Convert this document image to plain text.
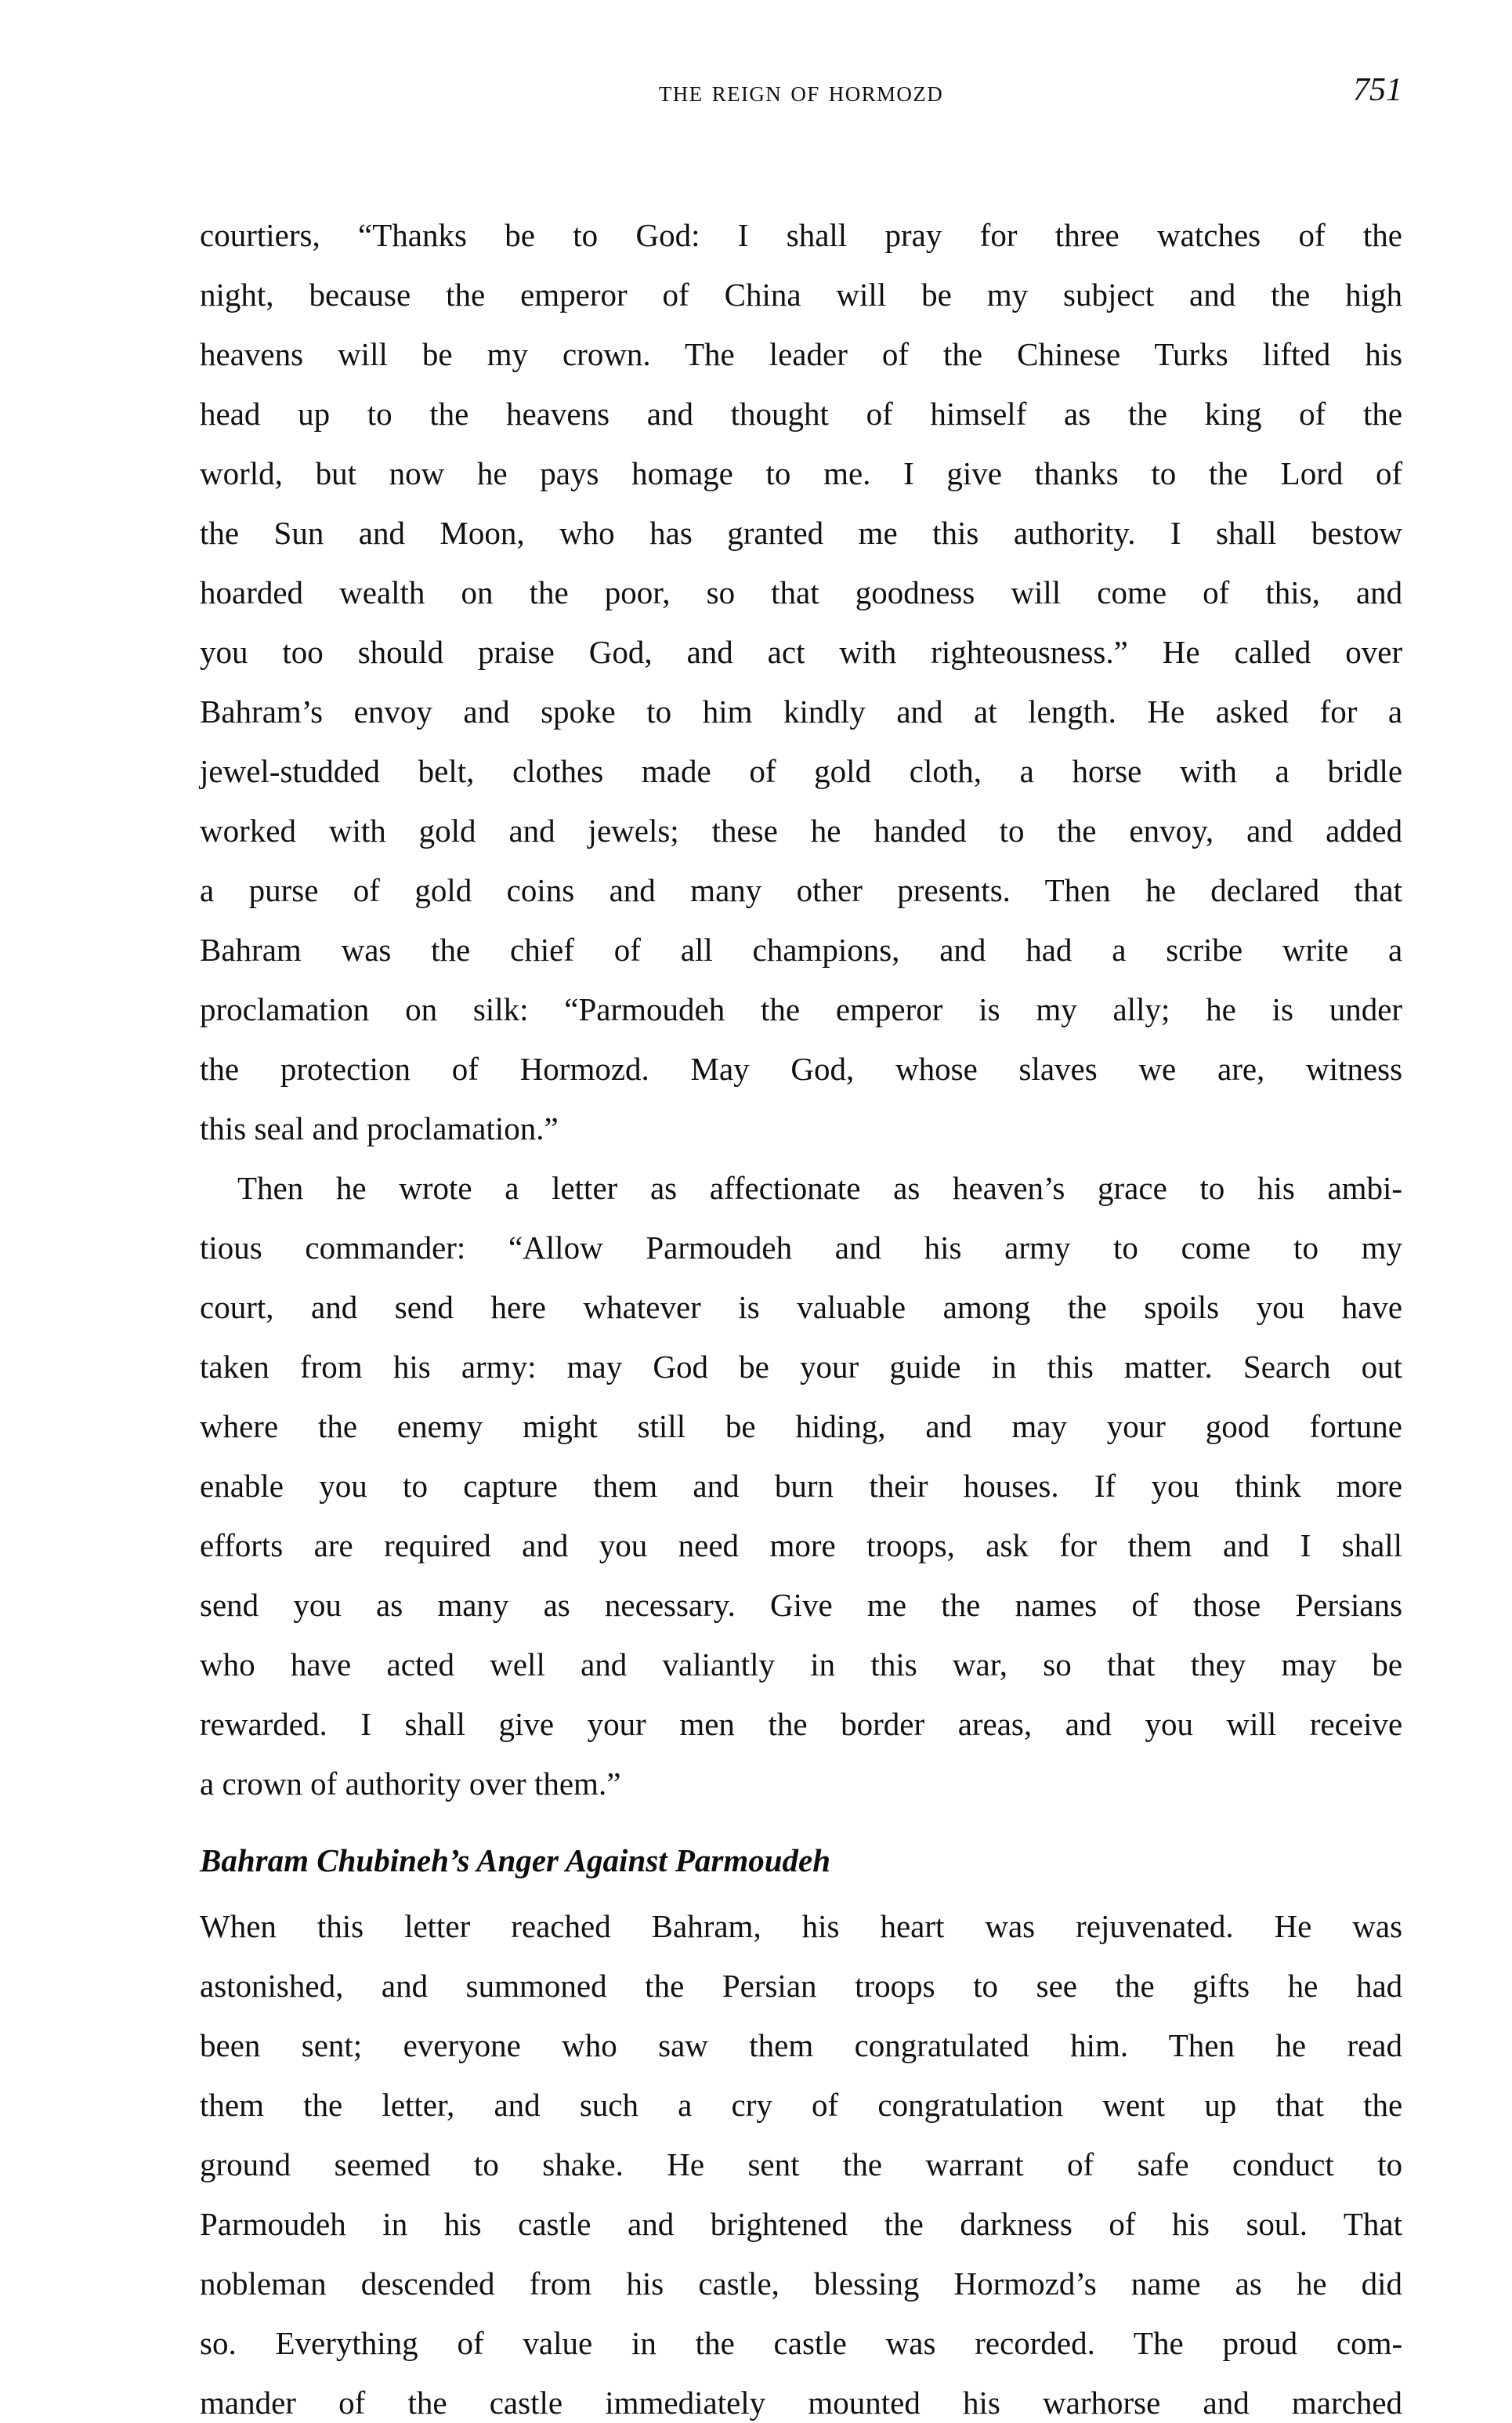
the reign of hormozd	751
courtiers, “Thanks be to God: I shall pray for three watches of the
night, because the emperor of China will be my subject and the high
heavens will be my crown. The leader of the Chinese Turks lifted his
head up to the heavens and thought of himself as the king of the
world, but now he pays homage to me. I give thanks to the Lord of
the Sun and Moon, who has granted me this authority. I shall bestow
hoarded wealth on the poor, so that goodness will come of this, and
you too should praise God, and act with righteousness.” He called over
Bahram’s envoy and spoke to him kindly and at length. He asked for a
jewel-studded belt, clothes made of gold cloth, a horse with a bridle
worked with gold and jewels; these he handed to the envoy, and added
a purse of gold coins and many other presents. Then he declared that
Bahram was the chief of all champions, and had a scribe write a
proclamation on silk: “Parmoudeh the emperor is my ally; he is under
the protection of Hormozd. May God, whose slaves we are, witness
this seal and proclamation.”
Then he wrote a letter as affectionate as heaven’s grace to his ambi-
tious commander: “Allow Parmoudeh and his army to come to my
court, and send here whatever is valuable among the spoils you have
taken from his army: may God be your guide in this matter. Search out
where the enemy might still be hiding, and may your good fortune
enable you to capture them and burn their houses. If you think more
efforts are required and you need more troops, ask for them and I shall
send you as many as necessary. Give me the names of those Persians
who have acted well and valiantly in this war, so that they may be
rewarded. I shall give your men the border areas, and you will receive
a crown of authority over them.”
Bahram Chubineh’s Anger Against Parmoudeh
When this letter reached Bahram, his heart was rejuvenated. He was
astonished, and summoned the Persian troops to see the gifts he had
been sent; everyone who saw them congratulated him. Then he read
them the letter, and such a cry of congratulation went up that the
ground seemed to shake. He sent the warrant of safe conduct to
Parmoudeh in his castle and brightened the darkness of his soul. That
nobleman descended from his castle, blessing Hormozd’s name as he did
so. Everything of value in the castle was recorded. The proud com-
mander of the castle immediately mounted his warhorse and marched
